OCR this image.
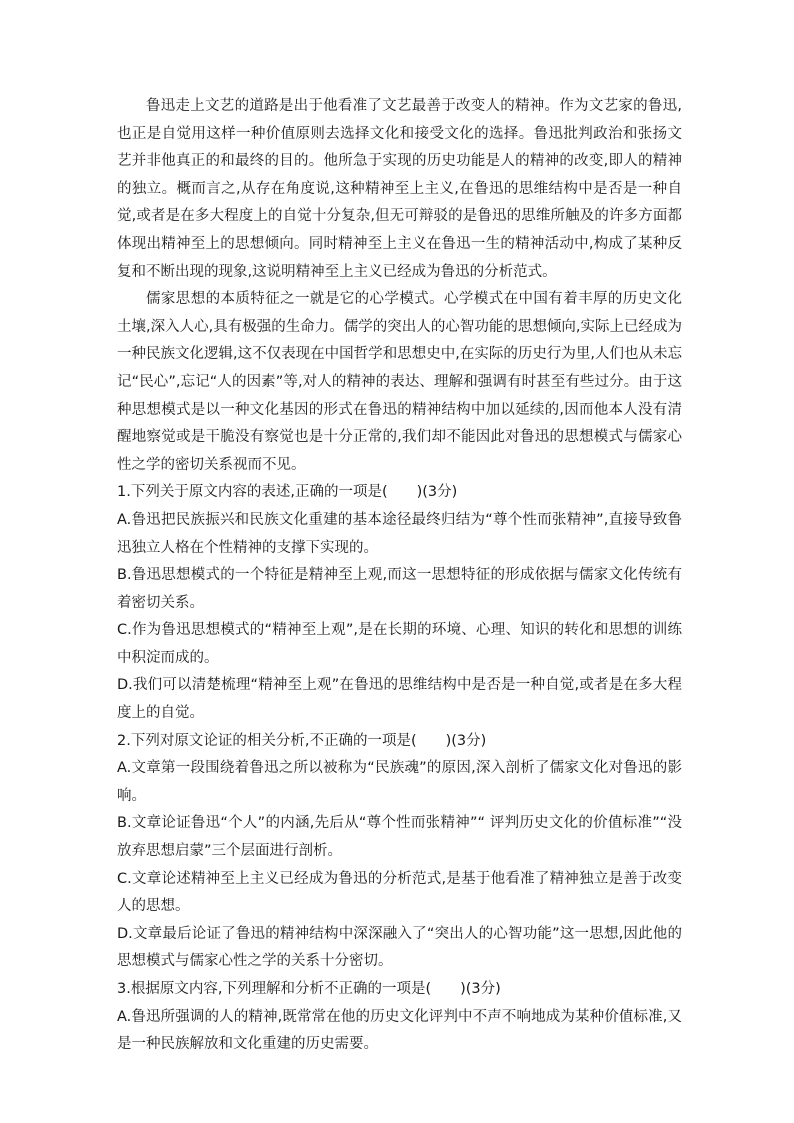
鲁迅走上文艺的道路是出于他看准了文艺最善于改变人的精神。作为文艺家的鲁迅,也正是自觉用这样一种价值原则去选择文化和接受文化的选择。鲁迅批判政治和张扬文艺并非他真正的和最终的目的。他所急于实现的历史功能是人的精神的改变,即人的精神的独立。概而言之,从存在角度说,这种精神至上主义,在鲁迅的思维结构中是否是一种自觉,或者是在多大程度上的自觉十分复杂,但无可辩驳的是鲁迅的思维所触及的许多方面都体现出精神至上的思想倾向。同时精神至上主义在鲁迅一生的精神活动中,构成了某种反复和不断出现的现象,这说明精神至上主义已经成为鲁迅的分析范式。

儒家思想的本质特征之一就是它的心学模式。心学模式在中国有着丰厚的历史文化土壤,深入人心,具有极强的生命力。儒学的突出人的心智功能的思想倾向,实际上已经成为一种民族文化逻辑,这不仅表现在中国哲学和思想史中,在实际的历史行为里,人们也从未忘记“民心”,忘记“人的因素”等,对人的精神的表达、理解和强调有时甚至有些过分。由于这种思想模式是以一种文化基因的形式在鲁迅的精神结构中加以延续的,因而他本人没有清醒地察觉或是干脆没有察觉也是十分正常的,我们却不能因此对鲁迅的思想模式与儒家心性之学的密切关系视而不见。

1.下列关于原文内容的表述,正确的一项是(　　)(3分)

A.鲁迅把民族振兴和民族文化重建的基本途径最终归结为“尊个性而张精神”,直接导致鲁迅独立人格在个性精神的支撑下实现的。

B.鲁迅思想模式的一个特征是精神至上观,而这一思想特征的形成依据与儒家文化传统有着密切关系。

C.作为鲁迅思想模式的“精神至上观”,是在长期的环境、心理、知识的转化和思想的训练中积淀而成的。

D.我们可以清楚梳理“精神至上观”在鲁迅的思维结构中是否是一种自觉,或者是在多大程度上的自觉。

2.下列对原文论证的相关分析,不正确的一项是(　　)(3分)

A.文章第一段围绕着鲁迅之所以被称为“民族魂”的原因,深入剖析了儒家文化对鲁迅的影响。

B.文章论证鲁迅“个人”的内涵,先后从“尊个性而张精神”“ 评判历史文化的价值标准”“没放弃思想启蒙”三个层面进行剖析。

C.文章论述精神至上主义已经成为鲁迅的分析范式,是基于他看准了精神独立是善于改变人的思想。

D.文章最后论证了鲁迅的精神结构中深深融入了“突出人的心智功能”这一思想,因此他的思想模式与儒家心性之学的关系十分密切。

3.根据原文内容,下列理解和分析不正确的一项是(　　)(3分)

A.鲁迅所强调的人的精神,既常常在他的历史文化评判中不声不响地成为某种价值标准,又是一种民族解放和文化重建的历史需要。
